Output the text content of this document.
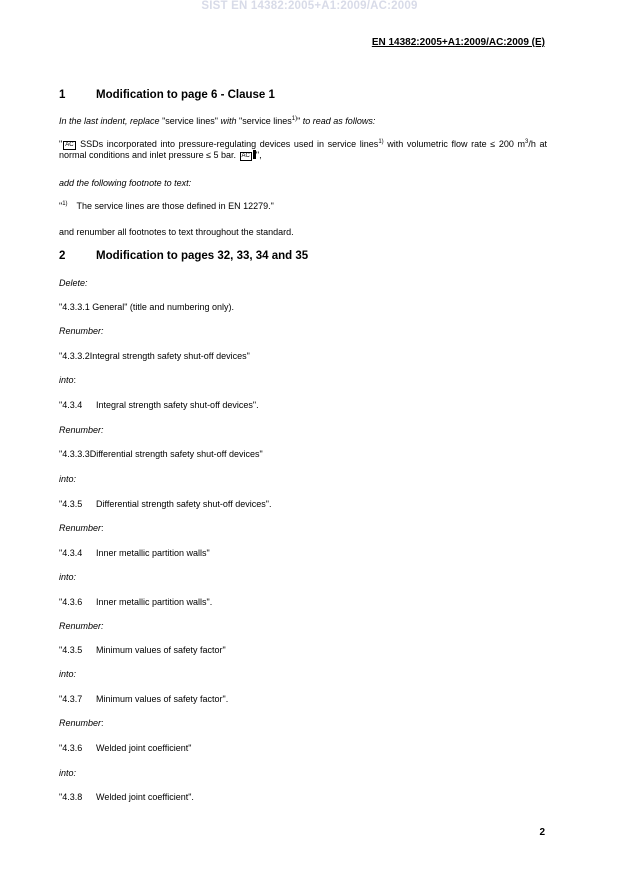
SIST EN 14382:2005+A1:2009/AC:2009
EN 14382:2005+A1:2009/AC:2009 (E)
1	Modification to page 6 - Clause 1
In the last indent, replace "service lines" with "service lines$^{1)}$" to read as follows:
" AC SSDs incorporated into pressure-regulating devices used in service lines$^{1)}$ with volumetric flow rate ≤ 200 $m^3/h$ at normal conditions and inlet pressure ≤ 5 bar. AC ",
add the following footnote to text:
"$^{1)}$ The service lines are those defined in EN 12279."
and renumber all footnotes to text throughout the standard.
2	Modification to pages 32, 33, 34 and 35
Delete:
"4.3.3.1 General" (title and numbering only).
Renumber:
"4.3.3.2Integral strength safety shut-off devices"
into:
"4.3.4 Integral strength safety shut-off devices".
Renumber:
"4.3.3.3Differential strength safety shut-off devices"
into:
"4.3.5 Differential strength safety shut-off devices".
Renumber:
"4.3.4 Inner metallic partition walls"
into:
"4.3.6 Inner metallic partition walls".
Renumber:
"4.3.5 Minimum values of safety factor"
into:
"4.3.7 Minimum values of safety factor".
Renumber:
"4.3.6 Welded joint coefficient"
into:
"4.3.8 Welded joint coefficient".
2
